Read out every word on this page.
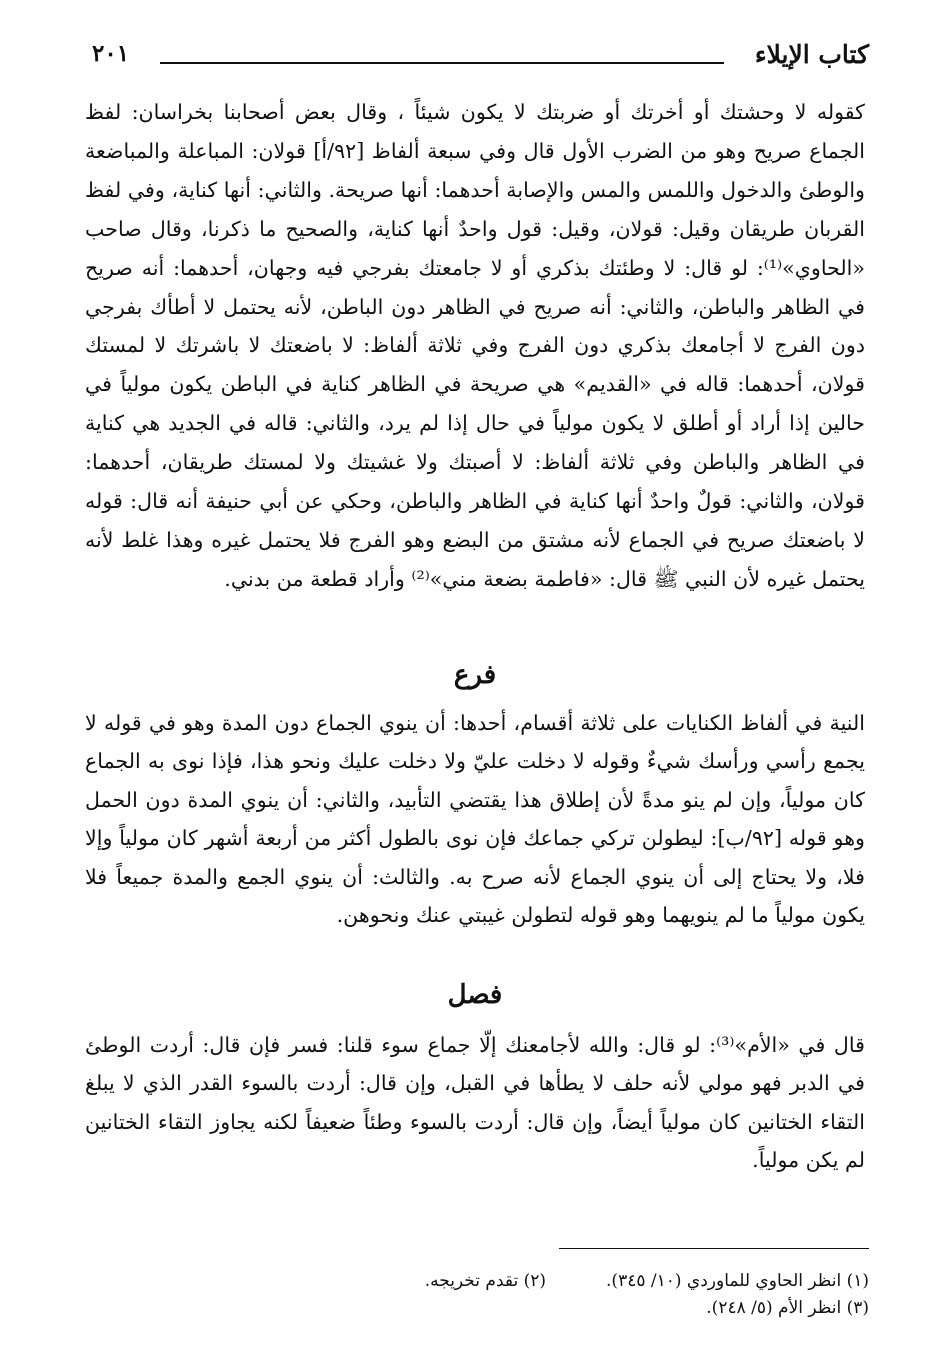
كتاب الإيلاء
٢٠١

كقوله لا وحشتك أو أخرتك أو ضربتك لا يكون شيئاً ، وقال بعض أصحابنا بخراسان: لفظ الجماع صريح وهو من الضرب الأول قال وفي سبعة ألفاظ [٩٢/أ] قولان: المباعلة والمباضعة والوطئ والدخول واللمس والمس والإصابة أحدهما: أنها صريحة. والثاني: أنها كناية، وفي لفظ القربان طريقان وقيل: قولان، وقيل: قول واحدٌ أنها كناية، والصحيح ما ذكرنا، وقال صاحب «الحاوي»⁽¹⁾: لو قال: لا وطئتك بذكري أو لا جامعتك بفرجي فيه وجهان، أحدهما: أنه صريح في الظاهر والباطن، والثاني: أنه صريح في الظاهر دون الباطن، لأنه يحتمل لا أطأك بفرجي دون الفرج لا أجامعك بذكري دون الفرج وفي ثلاثة ألفاظ: لا باضعتك لا باشرتك لا لمستك قولان، أحدهما: قاله في «القديم» هي صريحة في الظاهر كناية في الباطن يكون مولياً في حالين إذا أراد أو أطلق لا يكون مولياً في حال إذا لم يرد، والثاني: قاله في الجديد هي كناية في الظاهر والباطن وفي ثلاثة ألفاظ: لا أصبتك ولا غشيتك ولا لمستك طريقان، أحدهما: قولان، والثاني: قولٌ واحدٌ أنها كناية في الظاهر والباطن، وحكي عن أبي حنيفة أنه قال: قوله لا باضعتك صريح في الجماع لأنه مشتق من البضع وهو الفرج فلا يحتمل غيره وهذا غلط لأنه يحتمل غيره لأن النبي ﷺ قال: «فاطمة بضعة مني»⁽²⁾ وأراد قطعة من بدني.

فرع

النية في ألفاظ الكنايات على ثلاثة أقسام، أحدها: أن ينوي الجماع دون المدة وهو في قوله لا يجمع رأسي ورأسك شيءٌ وقوله لا دخلت عليّ ولا دخلت عليك ونحو هذا، فإذا نوى به الجماع كان مولياً، وإن لم ينو مدةً لأن إطلاق هذا يقتضي التأبيد، والثاني: أن ينوي المدة دون الحمل وهو قوله [٩٢/ب]: ليطولن تركي جماعك فإن نوى بالطول أكثر من أربعة أشهر كان مولياً وإلا فلا، ولا يحتاج إلى أن ينوي الجماع لأنه صرح به. والثالث: أن ينوي الجمع والمدة جميعاً فلا يكون مولياً ما لم ينويهما وهو قوله لتطولن غيبتي عنك ونحوهن.

فصل

قال في «الأم»⁽³⁾: لو قال: والله لأجامعنك إلّا جماع سوء قلنا: فسر فإن قال: أردت الوطئ في الدبر فهو مولي لأنه حلف لا يطأها في القبل، وإن قال: أردت بالسوء القدر الذي لا يبلغ التقاء الختانين كان مولياً أيضاً، وإن قال: أردت بالسوء وطئاً ضعيفاً لكنه يجاوز التقاء الختانين لم يكن مولياً.

(١) انظر الحاوي للماوردي (١٠/ ٣٤٥).
(٢) تقدم تخريجه.
(٣) انظر الأم (٥/ ٢٤٨).
